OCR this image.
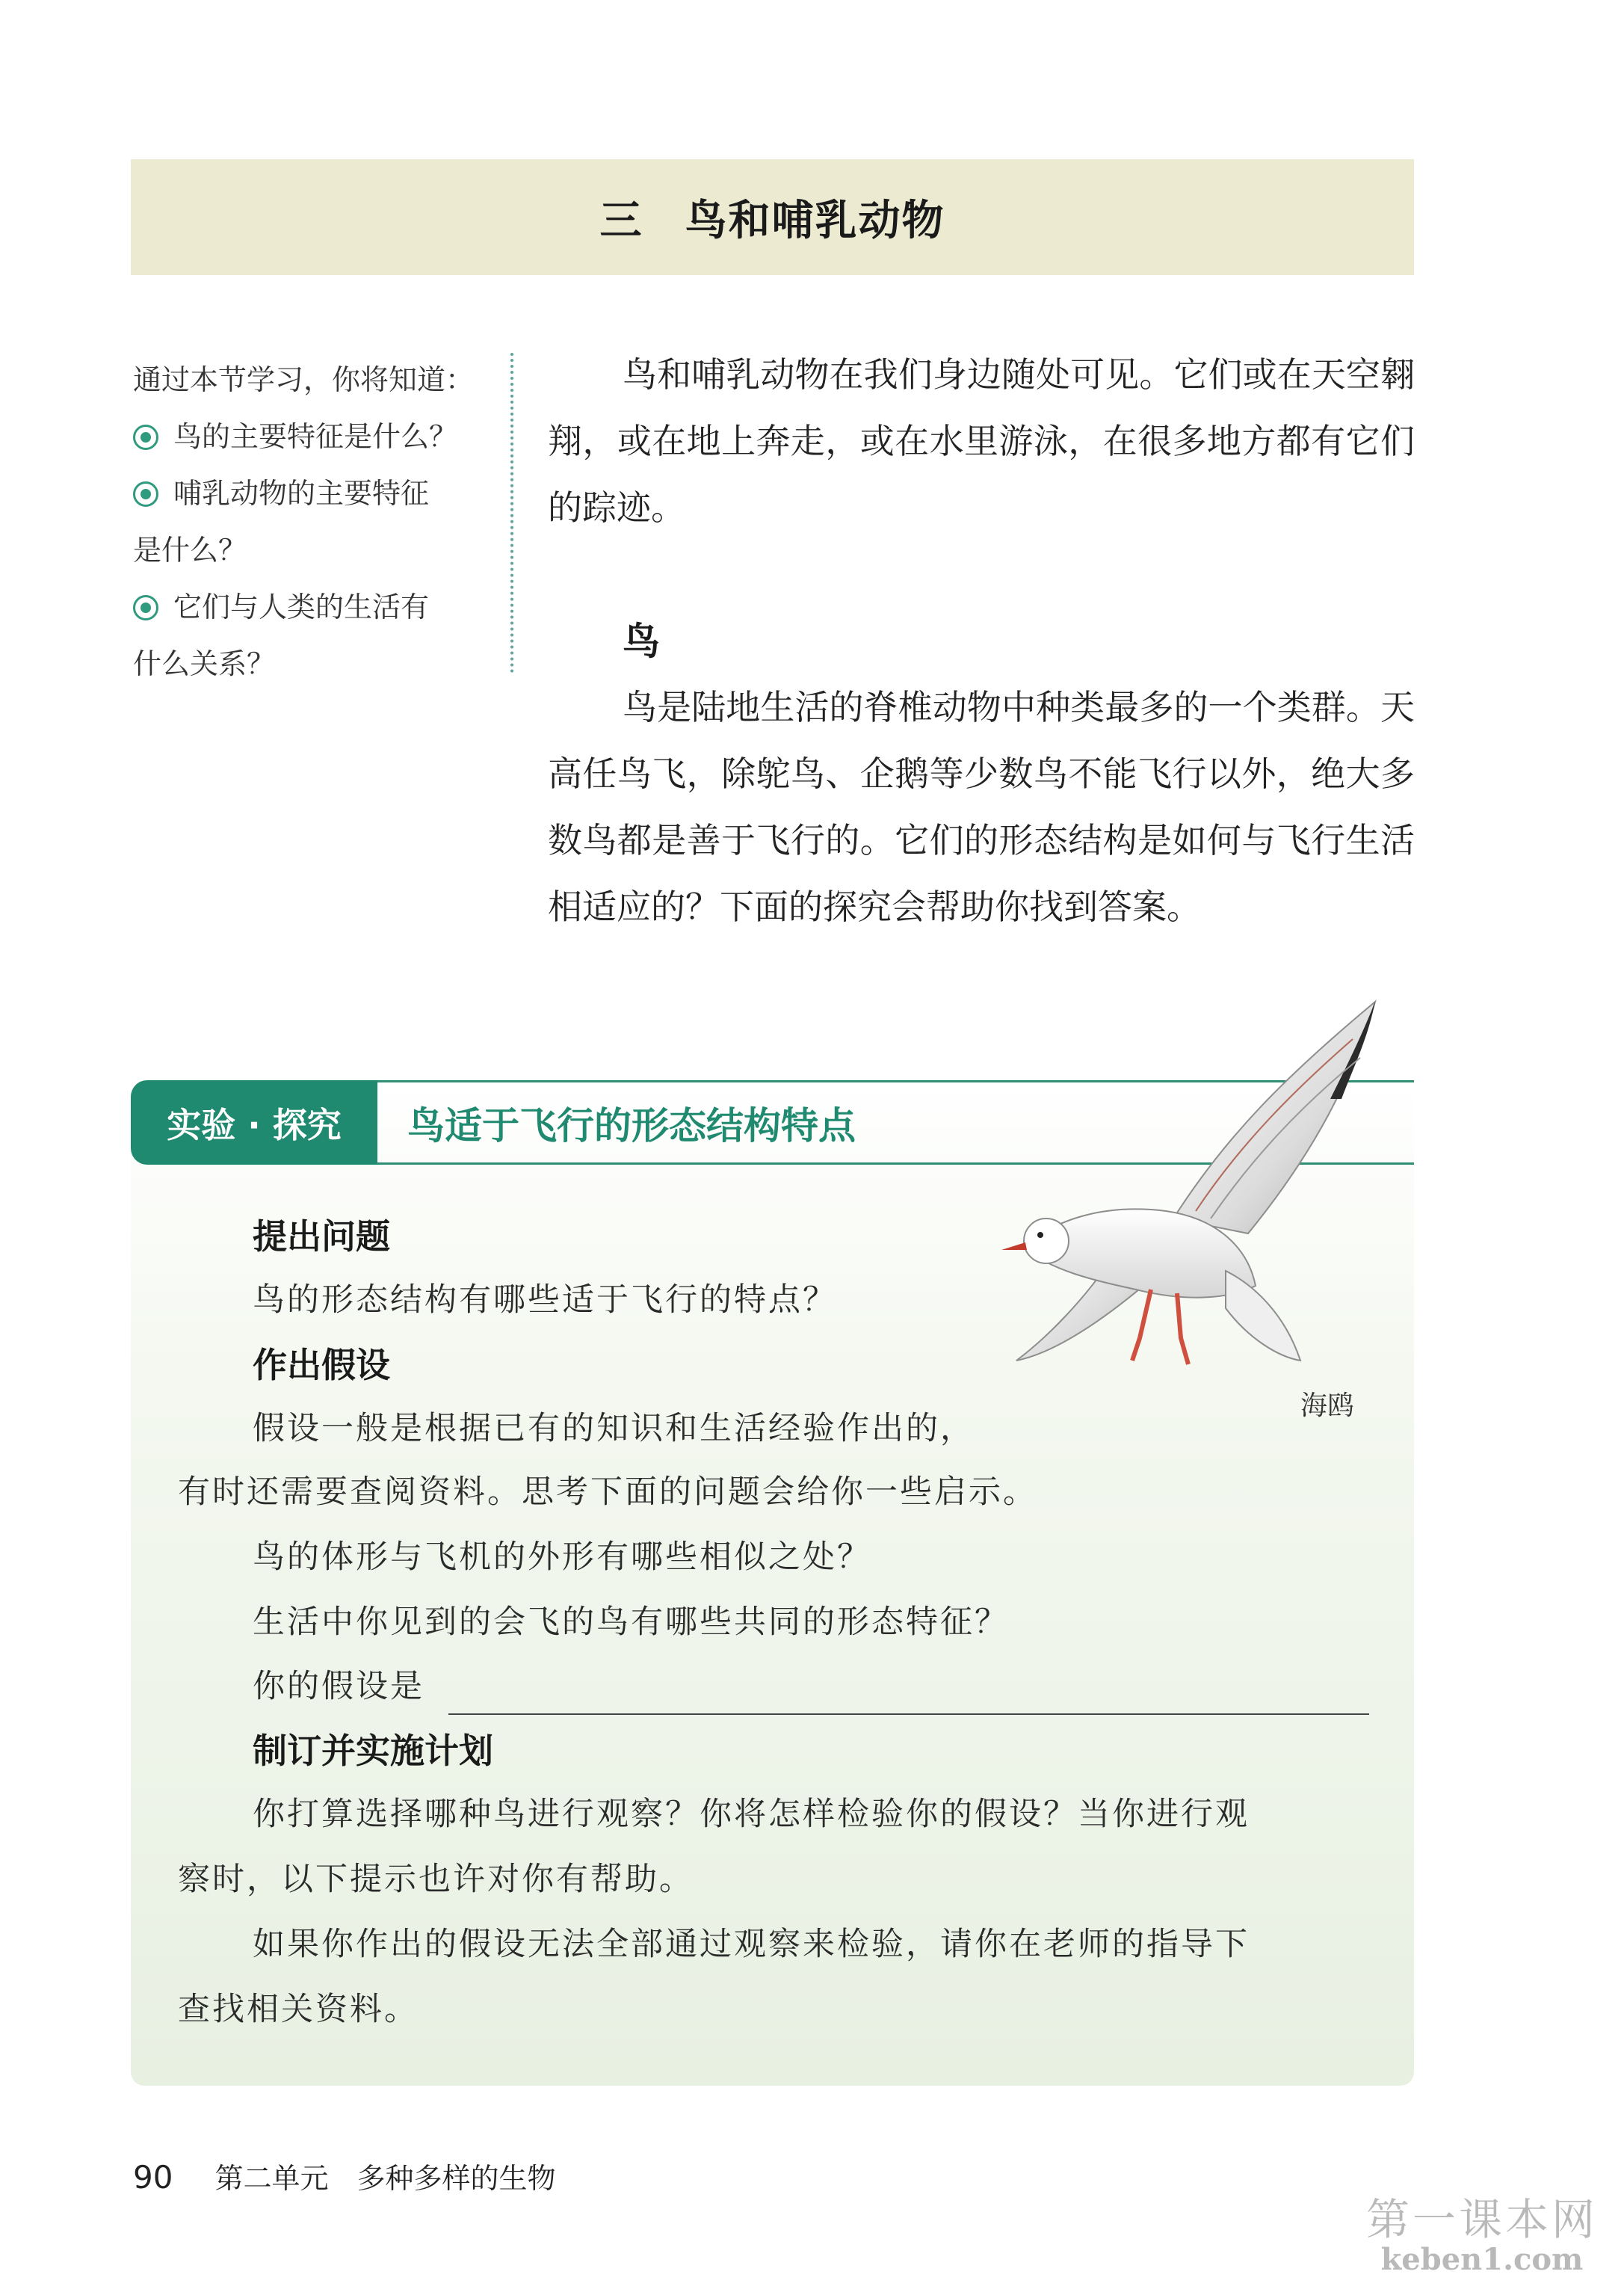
三 鸟和哺乳动物
通过本节学习，你将知道：
鸟的主要特征是什么？
哺乳动物的主要特征
是什么？
它们与人类的生活有
什么关系？
鸟和哺乳动物在我们身边随处可见。它们或在天空翱翔，或在地上奔走，或在水里游泳，在很多地方都有它们的踪迹。
鸟
鸟是陆地生活的脊椎动物中种类最多的一个类群。天高任鸟飞，除鸵鸟、企鹅等少数鸟不能飞行以外，绝大多数鸟都是善于飞行的。它们的形态结构是如何与飞行生活相适应的？下面的探究会帮助你找到答案。
实验 · 探究	鸟适于飞行的形态结构特点
提出问题
鸟的形态结构有哪些适于飞行的特点？
作出假设
假设一般是根据已有的知识和生活经验作出的，
有时还需要查阅资料。思考下面的问题会给你一些启示。
鸟的体形与飞机的外形有哪些相似之处？
生活中你见到的会飞的鸟有哪些共同的形态特征？
你的假设是
制订并实施计划
你打算选择哪种鸟进行观察？你将怎样检验你的假设？当你进行观
察时，以下提示也许对你有帮助。
如果你作出的假设无法全部通过观察来检验，请你在老师的指导下
查找相关资料。
海鸥
90 第二单元　多种多样的生物
第一课本网
keben1.com
